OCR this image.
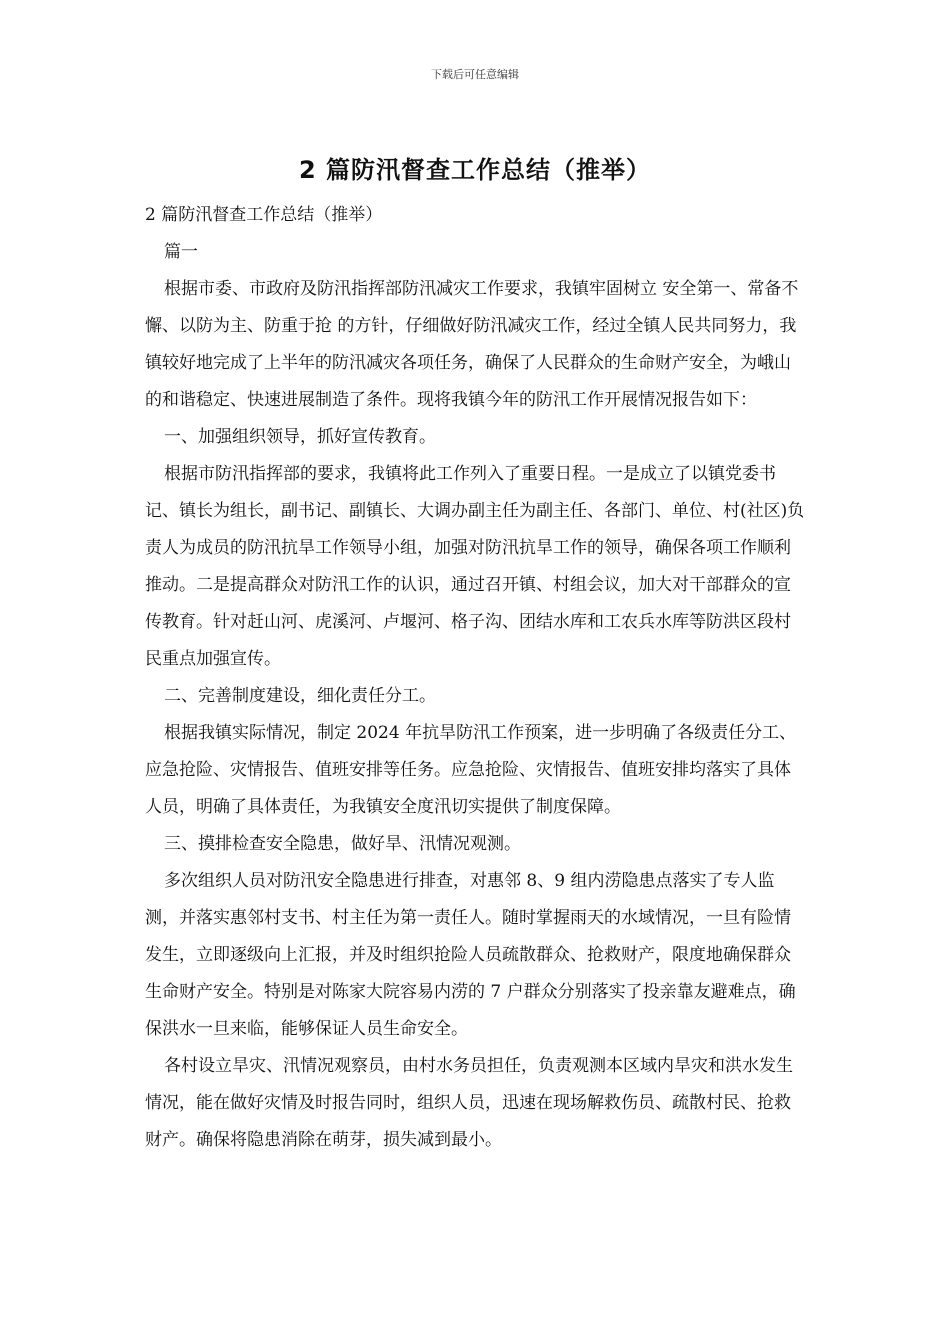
下载后可任意编辑
2 篇防汛督查工作总结（推举）

2 篇防汛督查工作总结（推举）

篇一

根据市委、市政府及防汛指挥部防汛减灾工作要求，我镇牢固树立 安全第一、常备不懈、以防为主、防重于抢 的方针，仔细做好防汛减灾工作，经过全镇人民共同努力，我镇较好地完成了上半年的防汛减灾各项任务，确保了人民群众的生命财产安全，为峨山的和谐稳定、快速进展制造了条件。现将我镇今年的防汛工作开展情况报告如下：

一、加强组织领导，抓好宣传教育。

根据市防汛指挥部的要求，我镇将此工作列入了重要日程。一是成立了以镇党委书记、镇长为组长，副书记、副镇长、大调办副主任为副主任、各部门、单位、村(社区)负责人为成员的防汛抗旱工作领导小组，加强对防汛抗旱工作的领导，确保各项工作顺利推动。二是提高群众对防汛工作的认识，通过召开镇、村组会议，加大对干部群众的宣传教育。针对赶山河、虎溪河、卢堰河、格子沟、团结水库和工农兵水库等防洪区段村民重点加强宣传。

二、完善制度建设，细化责任分工。

根据我镇实际情况，制定 2024 年抗旱防汛工作预案，进一步明确了各级责任分工、应急抢险、灾情报告、值班安排等任务。应急抢险、灾情报告、值班安排均落实了具体人员，明确了具体责任，为我镇安全度汛切实提供了制度保障。

三、摸排检查安全隐患，做好旱、汛情况观测。

多次组织人员对防汛安全隐患进行排查，对惠邻 8、9 组内涝隐患点落实了专人监测，并落实惠邻村支书、村主任为第一责任人。随时掌握雨天的水域情况，一旦有险情发生，立即逐级向上汇报，并及时组织抢险人员疏散群众、抢救财产，限度地确保群众生命财产安全。特别是对陈家大院容易内涝的 7 户群众分别落实了投亲靠友避难点，确保洪水一旦来临，能够保证人员生命安全。

各村设立旱灾、汛情况观察员，由村水务员担任，负责观测本区域内旱灾和洪水发生情况，能在做好灾情及时报告同时，组织人员，迅速在现场解救伤员、疏散村民、抢救财产。确保将隐患消除在萌芽，损失减到最小。
